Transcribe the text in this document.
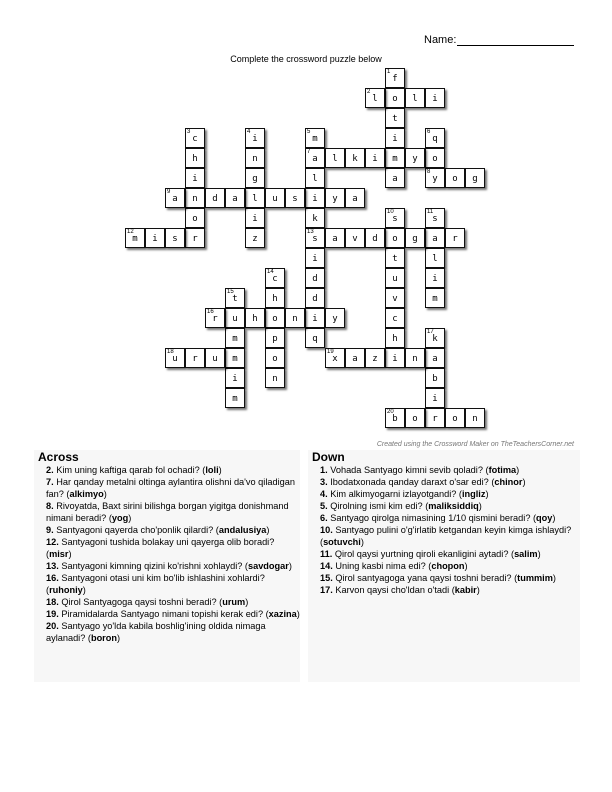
Name:
Complete the crossword puzzle below
1
f
o
t
i
m
a
2
l	l	i
3
c
h
i
n
o
r
4
i
n
g
l
i
z
5
m
7
a
l
i
k
13
s
i
d
d
i
q
6
q
o
8
y
l	k	i	y
o	g
9
a	d	a	u	s	y	a
10
s
o
t
u
v
c
h
i
11
s
a
l
i
m
12
m	i	s	a	v	d	g	r
14
c
h
o
p
o
n
15
t
u
m
m
i
m
16
r	h	n	y
17
k
a
b
i
r
18
u	r	u
19
x	a	z	n
20
b	o	o	n
Created using the Crossword Maker on TheTeachersCorner.net
Across
2. Kim uning kaftiga qarab fol ochadi? (loli)
7. Har qanday metalni oltinga aylantira olishni da'vo qiladigan fan? (alkimyo)
8. Rivoyatda, Baxt sirini bilishga borgan yigitga donishmand nimani beradi? (yog)
9. Santyagoni qayerda cho'ponlik qilardi? (andalusiya)
12. Santyagoni tushida bolakay uni qayerga olib boradi? (misr)
13. Santyagoni kimning qizini ko'rishni xohlaydi? (savdogar)
16. Santyagoni otasi uni kim bo'lib ishlashini xohlardi? (ruhoniy)
18. Qirol Santyagoga qaysi toshni beradi? (urum)
19. Piramidalarda Santyago nimani topishi kerak edi? (xazina)
20. Santyago yo'lda kabila boshlig'ining oldida nimaga aylanadi? (boron)
Down
1. Vohada Santyago kimni sevib qoladi? (fotima)
3. Ibodatxonada qanday daraxt o'sar edi? (chinor)
4. Kim alkimyogarni izlayotgandi? (ingliz)
5. Qirolning ismi kim edi? (maliksiddiq)
6. Santyago qirolga nimasining 1/10 qismini beradi? (qoy)
10. Santyago pulini o'g'irlatib ketgandan keyin kimga ishlaydi? (sotuvchi)
11. Qirol qaysi yurtning qiroli ekanligini aytadi? (salim)
14. Uning kasbi nima edi? (chopon)
15. Qirol santyagoga yana qaysi toshni beradi? (tummim)
17. Karvon qaysi cho'ldan o'tadi (kabir)
